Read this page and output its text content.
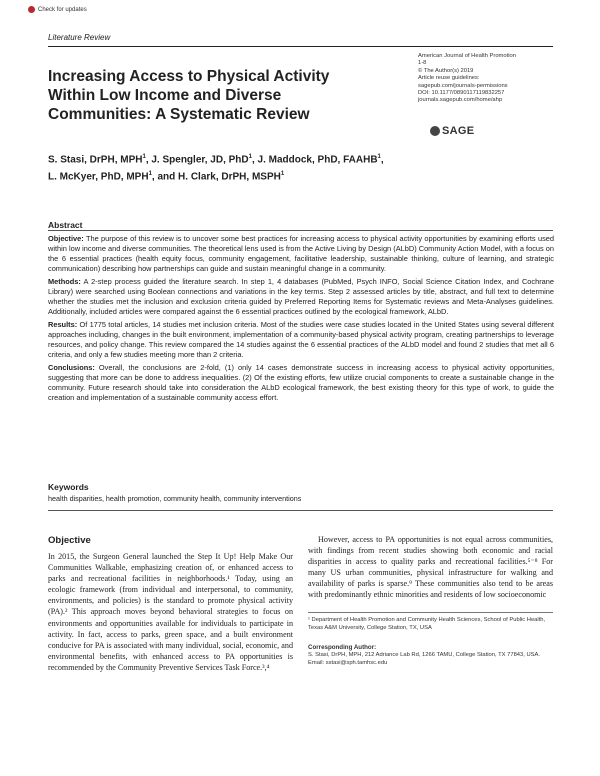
Check for updates
Literature Review
Increasing Access to Physical Activity Within Low Income and Diverse Communities: A Systematic Review
American Journal of Health Promotion
1-8
© The Author(s) 2019
Article reuse guidelines:
sagepub.com/journals-permissions
DOI: 10.1177/0890117119832257
journals.sagepub.com/home/ahp
SAGE
S. Stasi, DrPH, MPH$^1$, J. Spengler, JD, PhD$^1$, J. Maddock, PhD, FAAHB$^1$,
L. McKyer, PhD, MPH$^1$, and H. Clark, DrPH, MSPH$^1$
Abstract

Objective: The purpose of this review is to uncover some best practices for increasing access to physical activity opportunities by examining efforts used within low income and diverse communities. The theoretical lens used is from the Active Living by Design (ALbD) Community Action Model, with a focus on the 6 essential practices (health equity focus, community engagement, facilitative leadership, sustainable thinking, culture of learning, and strategic communication) describing how partnerships can guide and sustain meaningful change in a community.

Methods: A 2-step process guided the literature search. In step 1, 4 databases (PubMed, Psych INFO, Social Science Citation Index, and Cochrane Library) were searched using Boolean connections and variations in the key terms. Step 2 assessed articles by title, abstract, and full text to determine whether the studies met the inclusion and exclusion criteria guided by Preferred Reporting Items for Systematic reviews and Meta-Analyses guidelines. Additionally, included articles were compared against the 6 essential practices outlined by the ecological framework, ALbD.

Results: Of 1775 total articles, 14 studies met inclusion criteria. Most of the studies were case studies located in the United States using several different approaches including, changes in the built environment, implementation of a community-based physical activity program, creating partnerships to leverage resources, and policy change. This review compared the 14 studies against the 6 essential practices of the ALbD model and found 2 studies that met all 6 criteria, and only a few studies meeting more than 2 criteria.

Conclusions: Overall, the conclusions are 2-fold, (1) only 14 cases demonstrate success in increasing access to physical activity opportunities, suggesting that more can be done to address inequalities. (2) Of the existing efforts, few utilize crucial components to create a sustainable change in the community. Future research should take into consideration the ALbD ecological framework, the best existing theory for this type of work, to guide the creation and implementation of a sustainable community access effort.

Keywords
health disparities, health promotion, community health, community interventions
Objective

In 2015, the Surgeon General launched the Step It Up! Help Make Our Communities Walkable, emphasizing creation of, or enhanced access to parks and recreational facilities in neighborhoods.¹ Today, using an ecologic framework (from individual and interpersonal, to community, environments, and policies) is the standard to promote physical activity (PA).² This approach moves beyond behavioral strategies to focus on environments and opportunities available for individuals to participate in activity. In fact, access to parks, green space, and a built environment conducive for PA is associated with many individual, social, economic, and environmental benefits, with enhanced access to PA opportunities is recommended by the Community Preventive Services Task Force.³,⁴

However, access to PA opportunities is not equal across communities, with findings from recent studies showing both economic and racial disparities in access to quality parks and recreational facilities.⁵⁻⁸ For many US urban communities, physical infrastructure for walking and availability of parks is sparse.⁹ These communities also tend to be areas with predominantly ethnic minorities and residents of low socioeconomic

¹ Department of Health Promotion and Community Health Sciences, School of Public Health, Texas A&M University, College Station, TX, USA
Corresponding Author:
S. Stasi, DrPH, MPH, 212 Adriance Lab Rd, 1266 TAMU, College Station, TX 77843, USA.
Email: sstasi@sph.tamhsc.edu
